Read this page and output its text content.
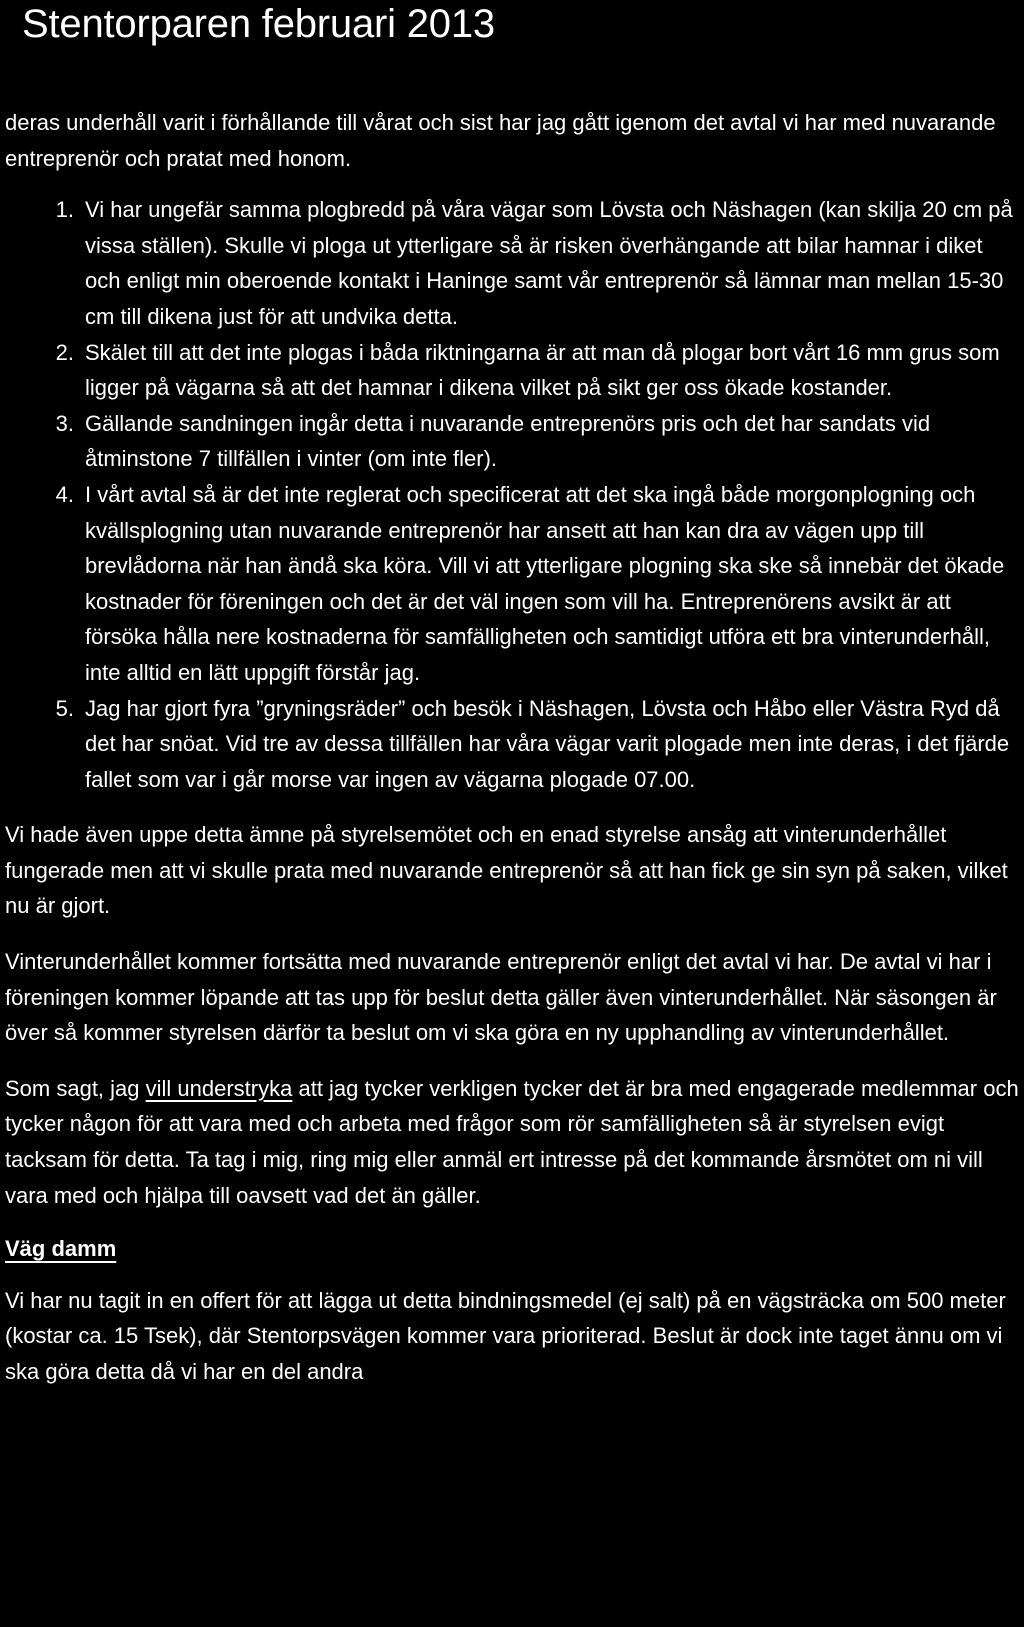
Stentorparen februari 2013

deras underhåll varit i förhållande till vårat och sist har jag gått igenom det avtal vi har med nuvarande entreprenör och pratat med honom.

1. Vi har ungefär samma plogbredd på våra vägar som Lövsta och Näshagen (kan skilja 20 cm på vissa ställen). Skulle vi ploga ut ytterligare så är risken överhängande att bilar hamnar i diket och enligt min oberoende kontakt i Haninge samt vår entreprenör så lämnar man mellan 15-30 cm till dikena just för att undvika detta.
2. Skälet till att det inte plogas i båda riktningarna är att man då plogar bort vårt 16 mm grus som ligger på vägarna så att det hamnar i dikena vilket på sikt ger oss ökade kostander.
3. Gällande sandningen ingår detta i nuvarande entreprenörs pris och det har sandats vid åtminstone 7 tillfällen i vinter (om inte fler).
4. I vårt avtal så är det inte reglerat och specificerat att det ska ingå både morgonplogning och kvällsplogning utan nuvarande entreprenör har ansett att han kan dra av vägen upp till brevlådorna när han ändå ska köra. Vill vi att ytterligare plogning ska ske så innebär det ökade kostnader för föreningen och det är det väl ingen som vill ha. Entreprenörens avsikt är att försöka hålla nere kostnaderna för samfälligheten och samtidigt utföra ett bra vinterunderhåll, inte alltid en lätt uppgift förstår jag.
5. Jag har gjort fyra ”gryningsräder” och besök i Näshagen, Lövsta och Håbo eller Västra Ryd då det har snöat. Vid tre av dessa tillfällen har våra vägar varit plogade men inte deras, i det fjärde fallet som var i går morse var ingen av vägarna plogade 07.00.

Vi hade även uppe detta ämne på styrelsemötet och en enad styrelse ansåg att vinterunderhållet fungerade men att vi skulle prata med nuvarande entreprenör så att han fick ge sin syn på saken, vilket nu är gjort.

Vinterunderhållet kommer fortsätta med nuvarande entreprenör enligt det avtal vi har. De avtal vi har i föreningen kommer löpande att tas upp för beslut detta gäller även vinterunderhållet. När säsongen är över så kommer styrelsen därför ta beslut om vi ska göra en ny upphandling av vinterunderhållet.

Som sagt, jag vill understryka att jag tycker verkligen tycker det är bra med engagerade medlemmar och tycker någon för att vara med och arbeta med frågor som rör samfälligheten så är styrelsen evigt tacksam för detta. Ta tag i mig, ring mig eller anmäl ert intresse på det kommande årsmötet om ni vill vara med och hjälpa till oavsett vad det än gäller.

Väg damm

Vi har nu tagit in en offert för att lägga ut detta bindningsmedel (ej salt) på en vägsträcka om 500 meter (kostar ca. 15 Tsek), där Stentorpsvägen kommer vara prioriterad. Beslut är dock inte taget ännu om vi ska göra detta då vi har en del andra
